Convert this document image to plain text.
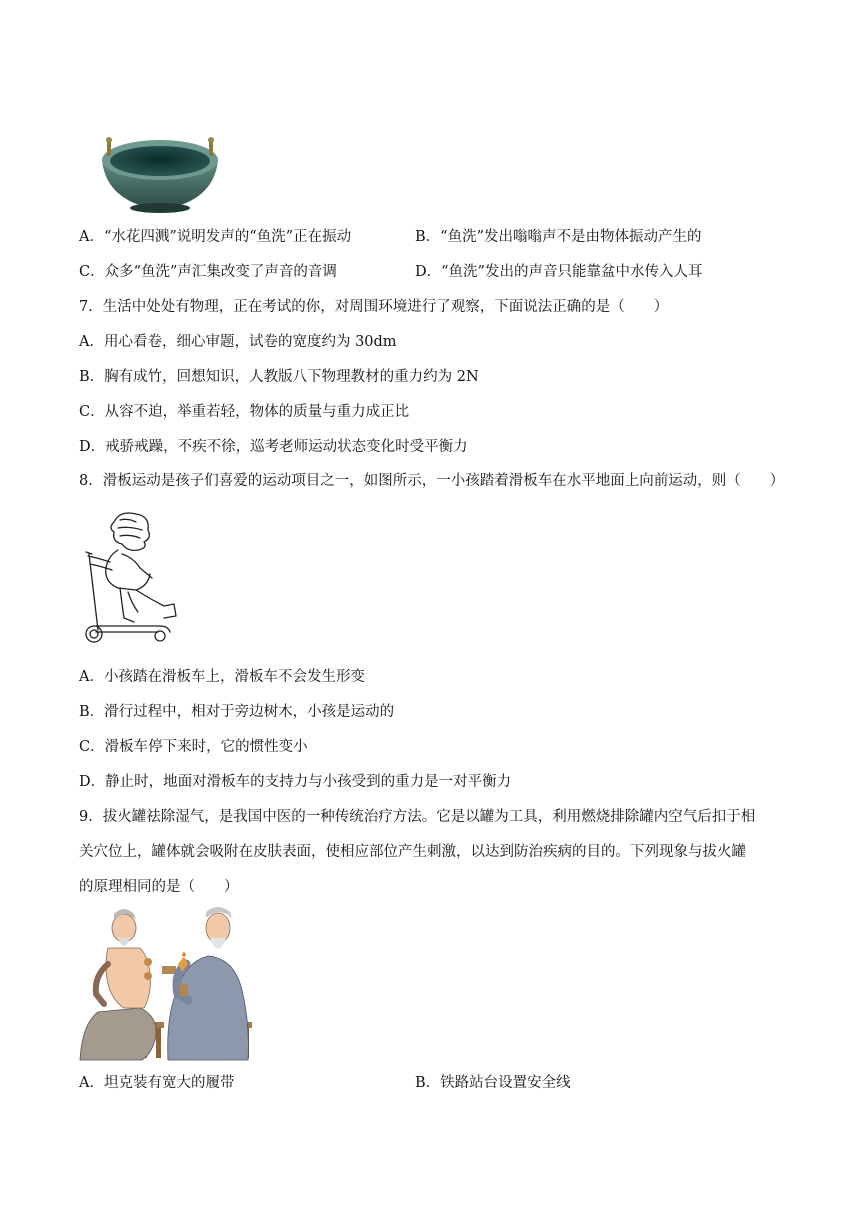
A．“水花四溅”说明发声的“鱼洗”正在振动	B．“鱼洗”发出嗡嗡声不是由物体振动产生的
C．众多“鱼洗”声汇集改变了声音的音调	D．“鱼洗”发出的声音只能靠盆中水传入人耳
7．生活中处处有物理，正在考试的你，对周围环境进行了观察，下面说法正确的是（　　）
A．用心看卷，细心审题，试卷的宽度约为 30dm
B．胸有成竹，回想知识，人教版八下物理教材的重力约为 2N
C．从容不迫，举重若轻，物体的质量与重力成正比
D．戒骄戒躁，不疾不徐，巡考老师运动状态变化时受平衡力
8．滑板运动是孩子们喜爱的运动项目之一，如图所示，一小孩踏着滑板车在水平地面上向前运动，则（　　）
A．小孩踏在滑板车上，滑板车不会发生形变
B．滑行过程中，相对于旁边树木，小孩是运动的
C．滑板车停下来时，它的惯性变小
D．静止时，地面对滑板车的支持力与小孩受到的重力是一对平衡力
9．拔火罐祛除湿气，是我国中医的一种传统治疗方法。它是以罐为工具，利用燃烧排除罐内空气后扣于相
关穴位上，罐体就会吸附在皮肤表面，使相应部位产生刺激，以达到防治疾病的目的。下列现象与拔火罐
的原理相同的是（　　）
A．坦克装有宽大的履带	B．铁路站台设置安全线
